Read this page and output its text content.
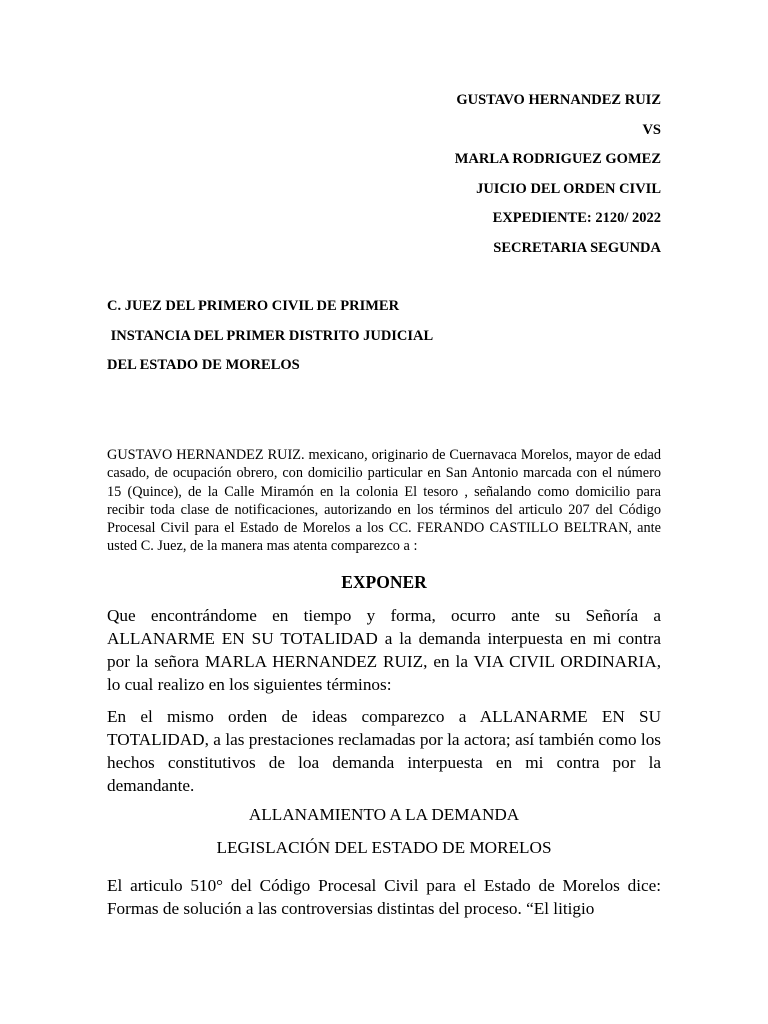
GUSTAVO HERNANDEZ RUIZ
VS
MARLA RODRIGUEZ GOMEZ
JUICIO DEL ORDEN CIVIL
EXPEDIENTE: 2120/ 2022
SECRETARIA SEGUNDA
C. JUEZ DEL PRIMERO CIVIL DE PRIMER
INSTANCIA DEL PRIMER DISTRITO JUDICIAL
DEL ESTADO DE MORELOS
GUSTAVO HERNANDEZ RUIZ. mexicano, originario de Cuernavaca Morelos, mayor de edad casado, de ocupación obrero, con domicilio particular en San Antonio marcada con el número 15 (Quince), de la Calle Miramón en la colonia El tesoro , señalando como domicilio para recibir toda clase de notificaciones, autorizando en los términos del articulo 207 del Código Procesal Civil para el Estado de Morelos a los CC. FERANDO CASTILLO BELTRAN, ante usted C. Juez, de la manera mas atenta comparezco a :
EXPONER
Que encontrándome en tiempo y forma, ocurro ante su Señoría a ALLANARME EN SU TOTALIDAD a la demanda interpuesta en mi contra por la señora MARLA HERNANDEZ RUIZ, en la VIA CIVIL ORDINARIA, lo cual realizo en los siguientes términos:
En el mismo orden de ideas comparezco a ALLANARME EN SU TOTALIDAD, a las prestaciones reclamadas por la actora; así también como los hechos constitutivos de loa demanda interpuesta en mi contra por la demandante.
ALLANAMIENTO A LA DEMANDA
LEGISLACIÓN DEL ESTADO DE MORELOS
El articulo 510° del Código Procesal Civil para el Estado de Morelos dice: Formas de solución a las controversias distintas del proceso. “El litigio
